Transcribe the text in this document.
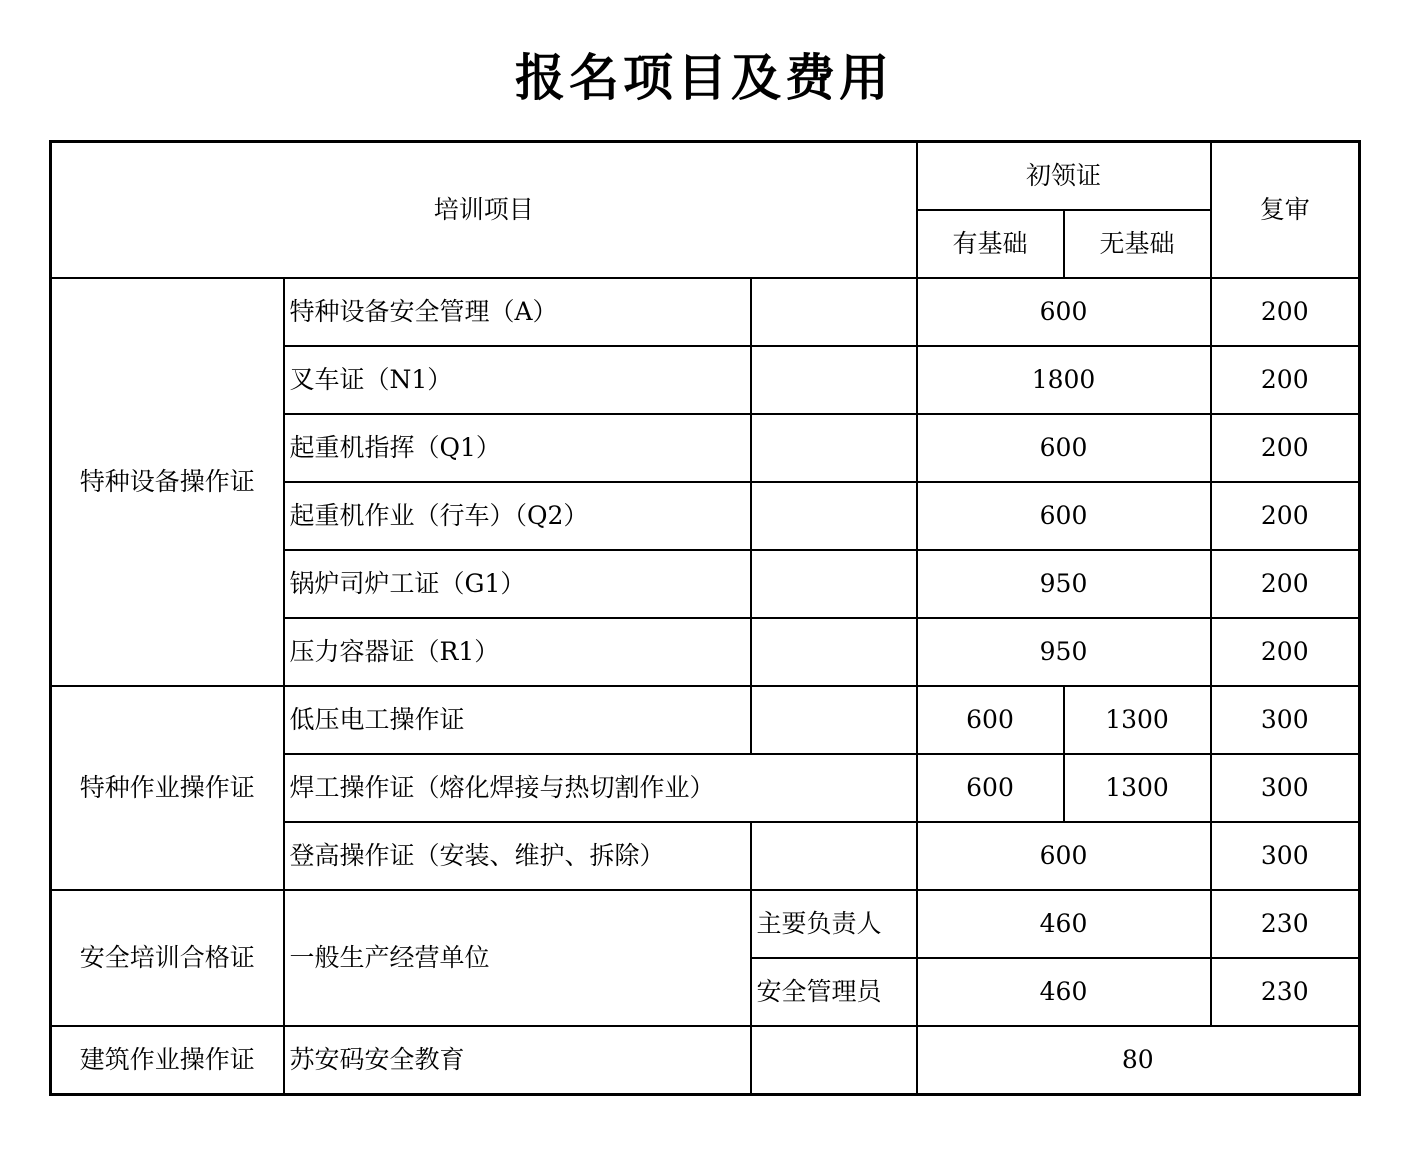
报名项目及费用
培训项目			初领证		复审
			有基础	无基础	
特种设备操作证	特种设备安全管理（A）		600		200
	叉车证（N1）		1800		200
	起重机指挥（Q1）		600		200
	起重机作业（行车）（Q2）		600		200
	锅炉司炉工证（G1）		950		200
	压力容器证（R1）		950		200
特种作业操作证	低压电工操作证		600	1300	300
	焊工操作证（熔化焊接与热切割作业）		600	1300	300
	登高操作证（安装、维护、拆除）		600		300
安全培训合格证	一般生产经营单位	主要负责人	460		230
		安全管理员	460		230
建筑作业操作证	苏安码安全教育		80		
